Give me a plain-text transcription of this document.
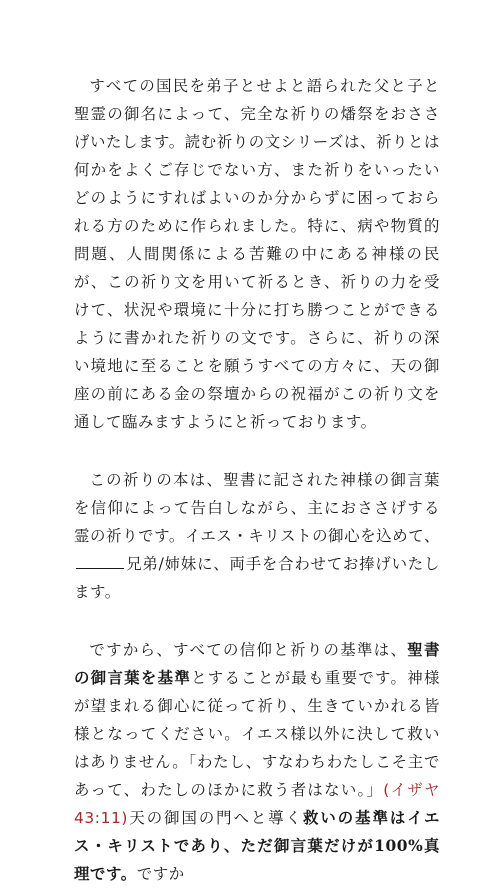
すべての国民を弟子とせよと語られた父と子と聖霊の御名によって、完全な祈りの燔祭をおささげいたします。読む祈りの文シリーズは、祈りとは何かをよくご存じでない方、また祈りをいったいどのようにすればよいのか分からずに困っておられる方のために作られました。特に、病や物質的問題、人間関係による苦難の中にある神様の民が、この祈り文を用いて祈るとき、祈りの力を受けて、状況や環境に十分に打ち勝つことができるように書かれた祈りの文です。さらに、祈りの深い境地に至ることを願うすべての方々に、天の御座の前にある金の祭壇からの祝福がこの祈り文を通して臨みますようにと祈っております。

この祈りの本は、聖書に記された神様の御言葉を信仰によって告白しながら、主におささげする霊の祈りです。イエス・キリストの御心を込めて、兄弟/姉妹に、両手を合わせてお捧げいたします。

ですから、すべての信仰と祈りの基準は、聖書の御言葉を基準とすることが最も重要です。神様が望まれる御心に従って祈り、生きていかれる皆様となってください。イエス様以外に決して救いはありません。「わたし、すなわちわたしこそ主であって、わたしのほかに救う者はない。」(イザヤ43:11)天の御国の門へと導く救いの基準はイエス・キリストであり、ただ御言葉だけが100%真理です。ですか
